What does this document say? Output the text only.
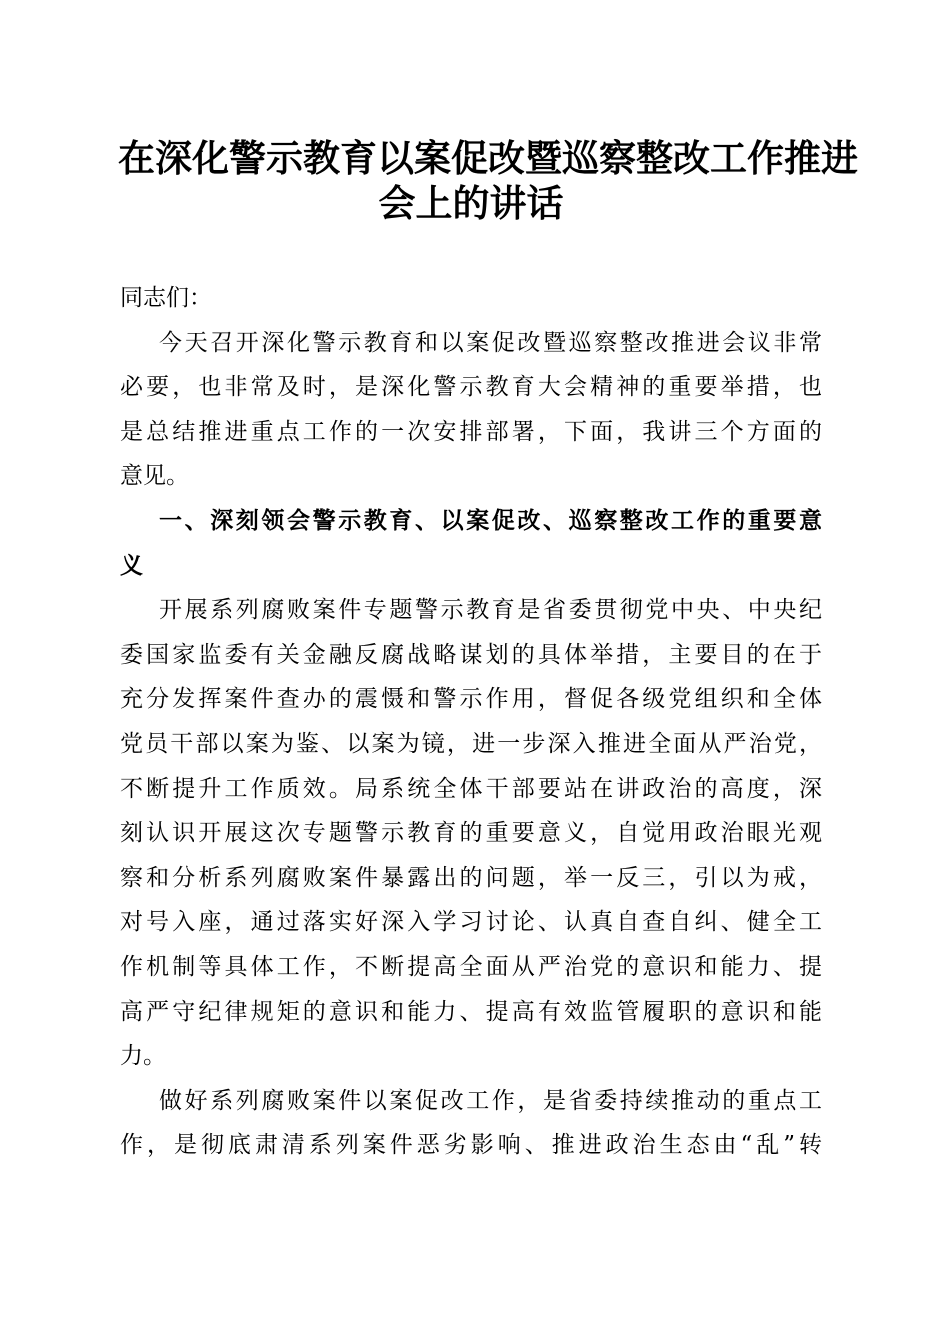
在深化警示教育以案促改暨巡察整改工作推进
会上的讲话
同志们：
今天召开深化警示教育和以案促改暨巡察整改推进会议非常
必要，也非常及时，是深化警示教育大会精神的重要举措，也
是总结推进重点工作的一次安排部署，下面，我讲三个方面的
意见。
一、深刻领会警示教育、以案促改、巡察整改工作的重要意
义
开展系列腐败案件专题警示教育是省委贯彻党中央、中央纪
委国家监委有关金融反腐战略谋划的具体举措，主要目的在于
充分发挥案件查办的震慑和警示作用，督促各级党组织和全体
党员干部以案为鉴、以案为镜，进一步深入推进全面从严治党，
不断提升工作质效。局系统全体干部要站在讲政治的高度，深
刻认识开展这次专题警示教育的重要意义，自觉用政治眼光观
察和分析系列腐败案件暴露出的问题，举一反三，引以为戒，
对号入座，通过落实好深入学习讨论、认真自查自纠、健全工
作机制等具体工作，不断提高全面从严治党的意识和能力、提
高严守纪律规矩的意识和能力、提高有效监管履职的意识和能
力。
做好系列腐败案件以案促改工作，是省委持续推动的重点工
作，是彻底肃清系列案件恶劣影响、推进政治生态由“乱”转
